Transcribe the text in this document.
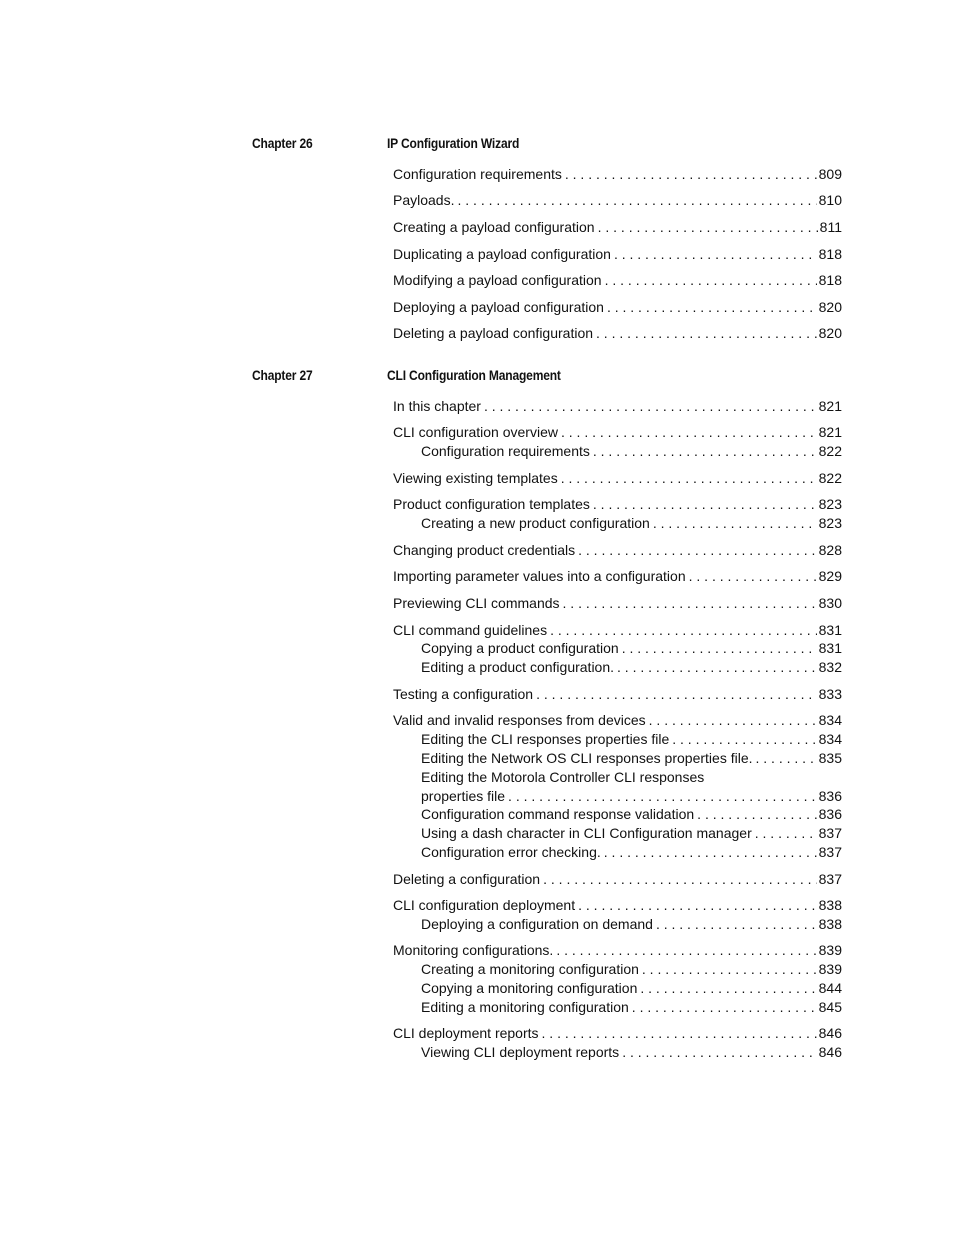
Chapter 26	IP Configuration Wizard
Configuration requirements . . .	809
Payloads. . . .	810
Creating a payload configuration . . .	811
Duplicating a payload configuration . . .	818
Modifying a payload configuration . . .	818
Deploying a payload configuration . . .	820
Deleting a payload configuration . . .	820
Chapter 27	CLI Configuration Management
In this chapter . . .	821
CLI configuration overview . . .	821
Configuration requirements . . .	822
Viewing existing templates . . .	822
Product configuration templates . . .	823
Creating a new product configuration . . .	823
Changing product credentials . . .	828
Importing parameter values into a configuration . . .	829
Previewing CLI commands . . .	830
CLI command guidelines . . .	831
Copying a product configuration . . .	831
Editing a product configuration. . . .	832
Testing a configuration . . .	833
Valid and invalid responses from devices . . .	834
Editing the CLI responses properties file . . .	834
Editing the Network OS CLI responses properties file. . . .	835
Editing the Motorola Controller CLI responses
properties file . . .	836
Configuration command response validation . . .	836
Using a dash character in CLI Configuration manager . . .	837
Configuration error checking. . . .	837
Deleting a configuration . . .	837
CLI configuration deployment . . .	838
Deploying a configuration on demand . . .	838
Monitoring configurations. . . .	839
Creating a monitoring configuration . . .	839
Copying a monitoring configuration . . .	844
Editing a monitoring configuration . . .	845
CLI deployment reports . . .	846
Viewing CLI deployment reports . . .	846
